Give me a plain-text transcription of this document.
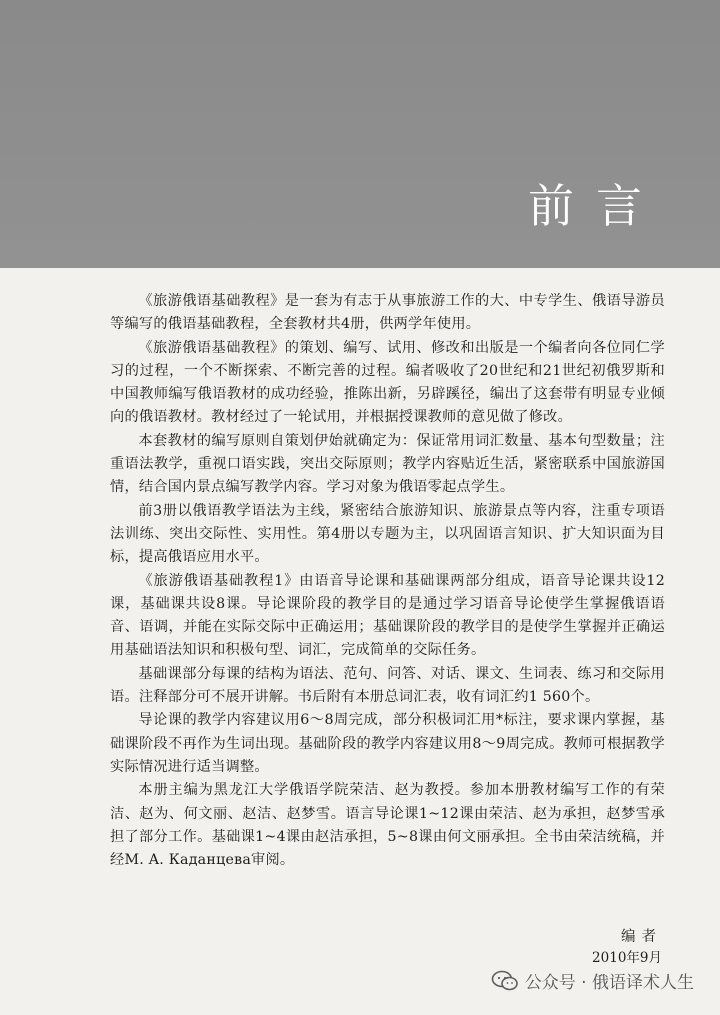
前言

《旅游俄语基础教程》是一套为有志于从事旅游工作的大、中专学生、俄语导游员等编写的俄语基础教程，全套教材共4册，供两学年使用。

《旅游俄语基础教程》的策划、编写、试用、修改和出版是一个编者向各位同仁学习的过程，一个不断探索、不断完善的过程。编者吸收了20世纪和21世纪初俄罗斯和中国教师编写俄语教材的成功经验，推陈出新，另辟蹊径，编出了这套带有明显专业倾向的俄语教材。教材经过了一轮试用，并根据授课教师的意见做了修改。

本套教材的编写原则自策划伊始就确定为：保证常用词汇数量、基本句型数量；注重语法教学，重视口语实践，突出交际原则；教学内容贴近生活，紧密联系中国旅游国情，结合国内景点编写教学内容。学习对象为俄语零起点学生。

前3册以俄语教学语法为主线，紧密结合旅游知识、旅游景点等内容，注重专项语法训练、突出交际性、实用性。第4册以专题为主，以巩固语言知识、扩大知识面为目标，提高俄语应用水平。

《旅游俄语基础教程1》由语音导论课和基础课两部分组成，语音导论课共设12课，基础课共设8课。导论课阶段的教学目的是通过学习语音导论使学生掌握俄语语音、语调，并能在实际交际中正确运用；基础课阶段的教学目的是使学生掌握并正确运用基础语法知识和积极句型、词汇，完成简单的交际任务。

基础课部分每课的结构为语法、范句、问答、对话、课文、生词表、练习和交际用语。注释部分可不展开讲解。书后附有本册总词汇表，收有词汇约1 560个。

导论课的教学内容建议用6～8周完成，部分积极词汇用*标注，要求课内掌握，基础课阶段不再作为生词出现。基础阶段的教学内容建议用8～9周完成。教师可根据教学实际情况进行适当调整。

本册主编为黑龙江大学俄语学院荣洁、赵为教授。参加本册教材编写工作的有荣洁、赵为、何文丽、赵洁、赵梦雪。语言导论课1~12课由荣洁、赵为承担，赵梦雪承担了部分工作。基础课1~4课由赵洁承担，5~8课由何文丽承担。全书由荣洁统稿，并经M. A. Каданцева审阅。

编者
2010年9月
公众号 · 俄语译术人生
